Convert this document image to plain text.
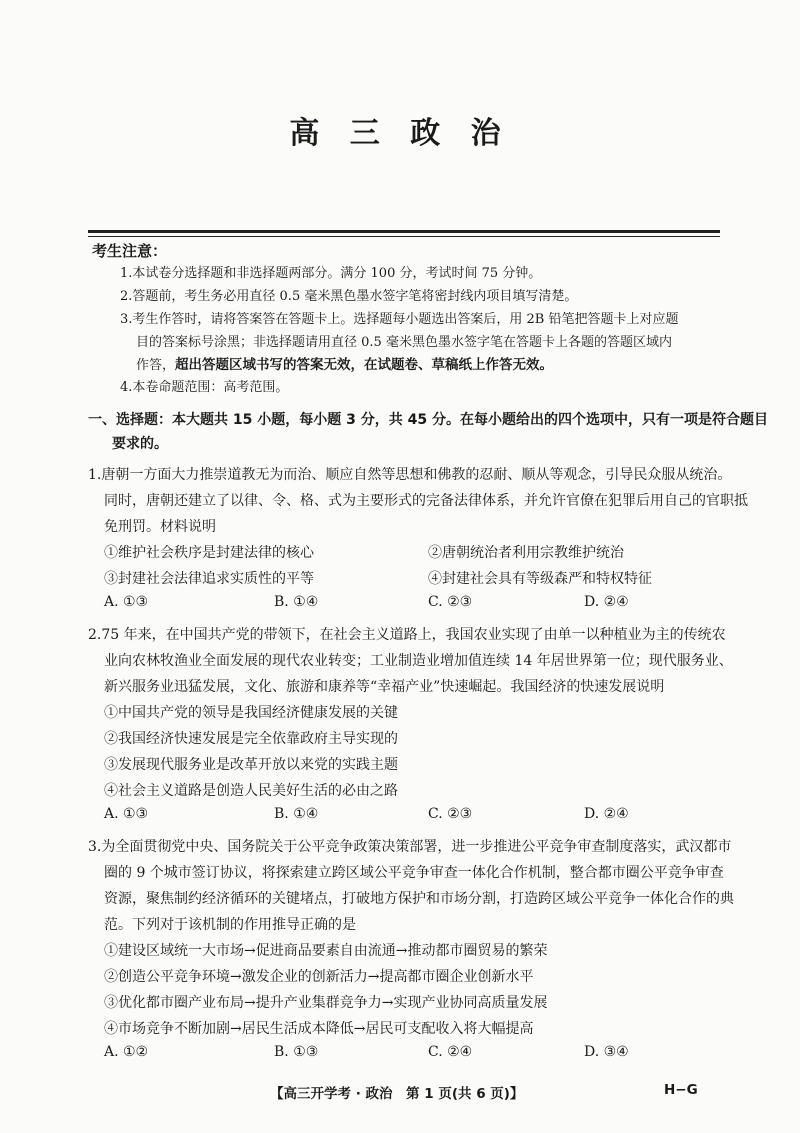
高 三 政 治
考生注意：
1.本试卷分选择题和非选择题两部分。满分 100 分，考试时间 75 分钟。
2.答题前，考生务必用直径 0.5 毫米黑色墨水签字笔将密封线内项目填写清楚。
3.考生作答时，请将答案答在答题卡上。选择题每小题选出答案后，用 2B 铅笔把答题卡上对应题
目的答案标号涂黑；非选择题请用直径 0.5 毫米黑色墨水签字笔在答题卡上各题的答题区域内
作答，超出答题区域书写的答案无效，在试题卷、草稿纸上作答无效。
4.本卷命题范围：高考范围。
一、选择题：本大题共 15 小题，每小题 3 分，共 45 分。在每小题给出的四个选项中，只有一项是符合题目
要求的。
1.唐朝一方面大力推崇道教无为而治、顺应自然等思想和佛教的忍耐、顺从等观念，引导民众服从统治。
同时，唐朝还建立了以律、令、格、式为主要形式的完备法律体系，并允许官僚在犯罪后用自己的官职抵
免刑罚。材料说明
①维护社会秩序是封建法律的核心	②唐朝统治者利用宗教维护统治
③封建社会法律追求实质性的平等	④封建社会具有等级森严和特权特征
A. ①③	B. ①④	C. ②③	D. ②④
2.75 年来，在中国共产党的带领下，在社会主义道路上，我国农业实现了由单一以种植业为主的传统农
业向农林牧渔业全面发展的现代农业转变；工业制造业增加值连续 14 年居世界第一位；现代服务业、
新兴服务业迅猛发展，文化、旅游和康养等“幸福产业”快速崛起。我国经济的快速发展说明
①中国共产党的领导是我国经济健康发展的关键
②我国经济快速发展是完全依靠政府主导实现的
③发展现代服务业是改革开放以来党的实践主题
④社会主义道路是创造人民美好生活的必由之路
A. ①③	B. ①④	C. ②③	D. ②④
3.为全面贯彻党中央、国务院关于公平竞争政策决策部署，进一步推进公平竞争审查制度落实，武汉都市
圈的 9 个城市签订协议，将探索建立跨区域公平竞争审查一体化合作机制，整合都市圈公平竞争审查
资源，聚焦制约经济循环的关键堵点，打破地方保护和市场分割，打造跨区域公平竞争一体化合作的典
范。下列对于该机制的作用推导正确的是
①建设区域统一大市场→促进商品要素自由流通→推动都市圈贸易的繁荣
②创造公平竞争环境→激发企业的创新活力→提高都市圈企业创新水平
③优化都市圈产业布局→提升产业集群竞争力→实现产业协同高质量发展
④市场竞争不断加剧→居民生活成本降低→居民可支配收入将大幅提高
A. ①②	B. ①③	C. ②④	D. ③④
【高三开学考 · 政治　第 1 页(共 6 页)】	H−G
